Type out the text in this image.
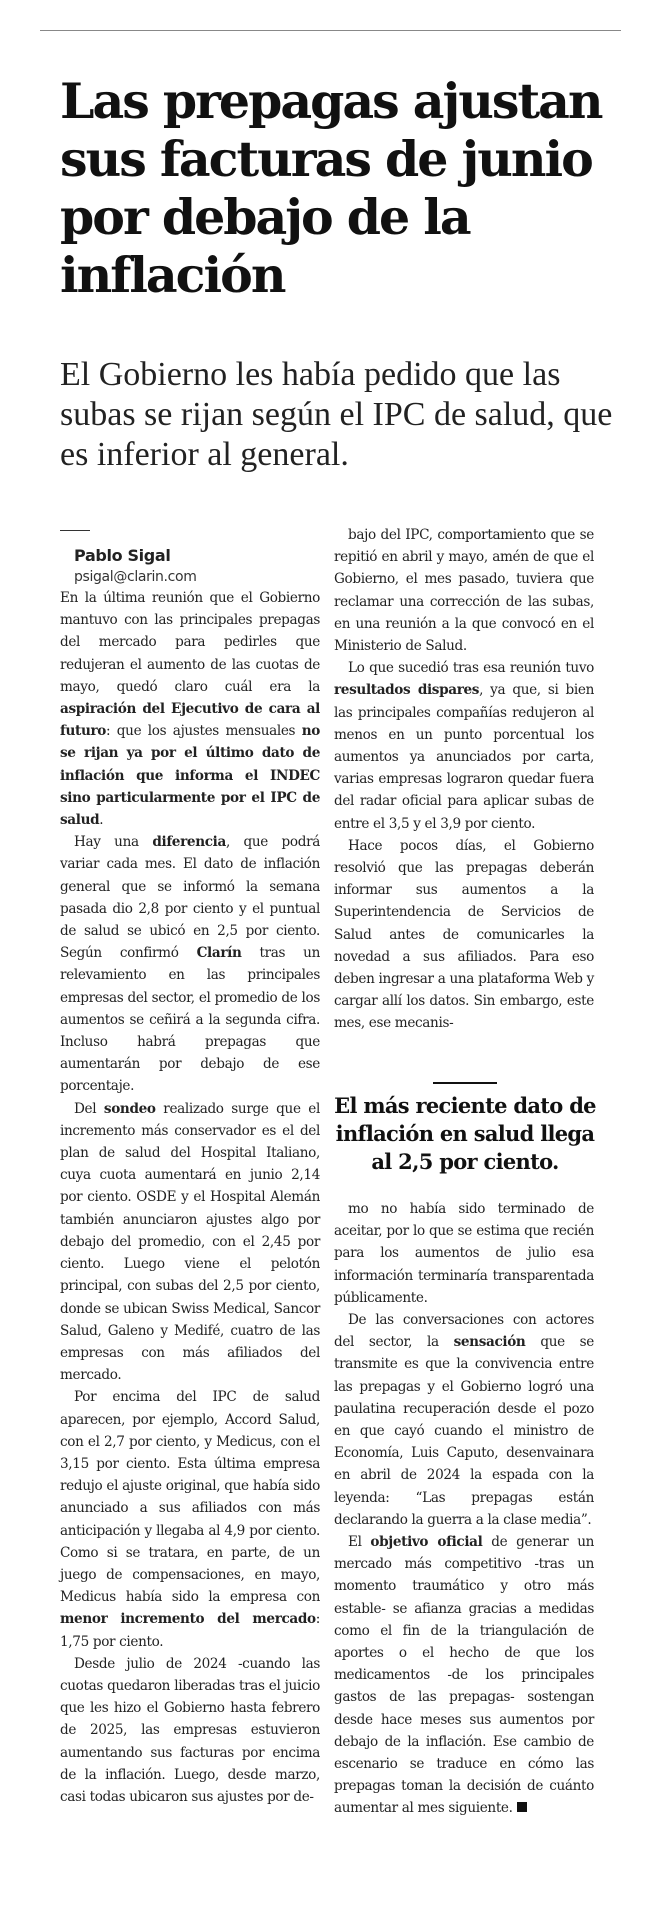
Las prepagas ajustan sus facturas de junio por debajo de la inflación

El Gobierno les había pedido que las subas se rijan según el IPC de salud, que es inferior al general.

Pablo Sigal

psigal@clarin.com

En la última reunión que el Gobierno mantuvo con las principales prepagas del mercado para pedirles que redujeran el aumento de las cuotas de mayo, quedó claro cuál era la aspiración del Ejecutivo de cara al futuro: que los ajustes mensuales no se rijan ya por el último dato de inflación que informa el INDEC sino particularmente por el IPC de salud.

Hay una diferencia, que podrá variar cada mes. El dato de inflación general que se informó la semana pasada dio 2,8 por ciento y el puntual de salud se ubicó en 2,5 por ciento. Según confirmó Clarín tras un relevamiento en las principales empresas del sector, el promedio de los aumentos se ceñirá a la segunda cifra. Incluso habrá prepagas que aumentarán por debajo de ese porcentaje.

Del sondeo realizado surge que el incremento más conservador es el del plan de salud del Hospital Italiano, cuya cuota aumentará en junio 2,14 por ciento. OSDE y el Hospital Alemán también anunciaron ajustes algo por debajo del promedio, con el 2,45 por ciento. Luego viene el pelotón principal, con subas del 2,5 por ciento, donde se ubican Swiss Medical, Sancor Salud, Galeno y Medifé, cuatro de las empresas con más afiliados del mercado.

Por encima del IPC de salud aparecen, por ejemplo, Accord Salud, con el 2,7 por ciento, y Medicus, con el 3,15 por ciento. Esta última empresa redujo el ajuste original, que había sido anunciado a sus afiliados con más anticipación y llegaba al 4,9 por ciento. Como si se tratara, en parte, de un juego de compensaciones, en mayo, Medicus había sido la empresa con menor incremento del mercado: 1,75 por ciento.

Desde julio de 2024 -cuando las cuotas quedaron liberadas tras el juicio que les hizo el Gobierno hasta febrero de 2025, las empresas estuvieron aumentando sus facturas por encima de la inflación. Luego, desde marzo, casi todas ubicaron sus ajustes por de-

bajo del IPC, comportamiento que se repitió en abril y mayo, amén de que el Gobierno, el mes pasado, tuviera que reclamar una corrección de las subas, en una reunión a la que convocó en el Ministerio de Salud.

Lo que sucedió tras esa reunión tuvo resultados dispares, ya que, si bien las principales compañías redujeron al menos en un punto porcentual los aumentos ya anunciados por carta, varias empresas lograron quedar fuera del radar oficial para aplicar subas de entre el 3,5 y el 3,9 por ciento.

Hace pocos días, el Gobierno resolvió que las prepagas deberán informar sus aumentos a la Superintendencia de Servicios de Salud antes de comunicarles la novedad a sus afiliados. Para eso deben ingresar a una plataforma Web y cargar allí los datos. Sin embargo, este mes, ese mecanis-

El más reciente dato de inflación en salud llega al 2,5 por ciento.

mo no había sido terminado de aceitar, por lo que se estima que recién para los aumentos de julio esa información terminaría transparentada públicamente.

De las conversaciones con actores del sector, la sensación que se transmite es que la convivencia entre las prepagas y el Gobierno logró una paulatina recuperación desde el pozo en que cayó cuando el ministro de Economía, Luis Caputo, desenvainara en abril de 2024 la espada con la leyenda: “Las prepagas están declarando la guerra a la clase media”.

El objetivo oficial de generar un mercado más competitivo -tras un momento traumático y otro más estable- se afianza gracias a medidas como el fin de la triangulación de aportes o el hecho de que los medicamentos -de los principales gastos de las prepagas- sostengan desde hace meses sus aumentos por debajo de la inflación. Ese cambio de escenario se traduce en cómo las prepagas toman la decisión de cuánto aumentar al mes siguiente.
